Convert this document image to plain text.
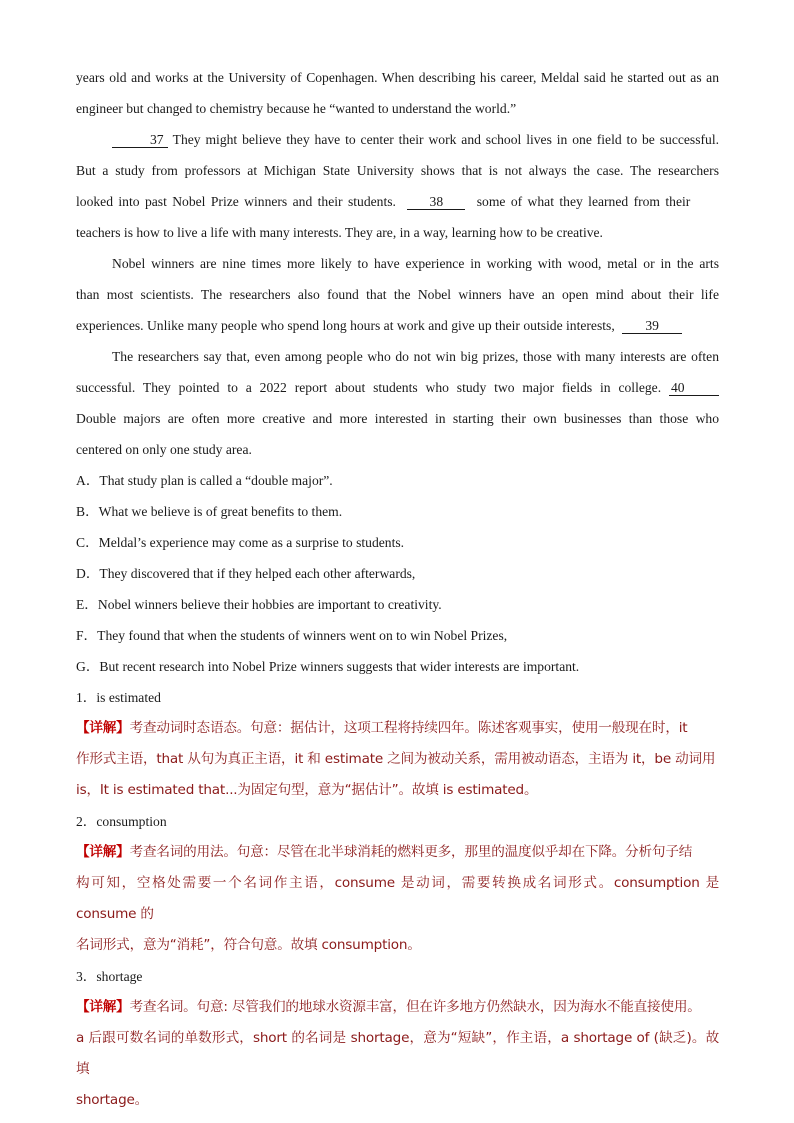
years old and works at the University of Copenhagen. When describing his career, Meldal said he started out as an

engineer but changed to chemistry because he “wanted to understand the world.”

37 They might believe they have to center their work and school lives in one field to be successful.

But a study from professors at Michigan State University shows that is not always the case. The researchers

looked into past Nobel Prize winners and their students. 38 some of what they learned from their

teachers is how to live a life with many interests. They are, in a way, learning how to be creative.

Nobel winners are nine times more likely to have experience in working with wood, metal or in the arts

than most scientists. The researchers also found that the Nobel winners have an open mind about their life

experiences. Unlike many people who spend long hours at work and give up their outside interests, 39

The researchers say that, even among people who do not win big prizes, those with many interests are often

successful. They pointed to a 2022 report about students who study two major fields in college. 40

Double majors are often more creative and more interested in starting their own businesses than those who

centered on only one study area.

A．That study plan is called a “double major”.

B．What we believe is of great benefits to them.

C．Meldal’s experience may come as a surprise to students.

D．They discovered that if they helped each other afterwards,

E．Nobel winners believe their hobbies are important to creativity.

F．They found that when the students of winners went on to win Nobel Prizes,

G．But recent research into Nobel Prize winners suggests that wider interests are important.

1．is estimated

【详解】考查动词时态语态。句意：据估计，这项工程将持续四年。陈述客观事实，使用一般现在时，it
作形式主语，that 从句为真正主语，it 和 estimate 之间为被动关系，需用被动语态，主语为 it，be 动词用
is，It is estimated that...为固定句型，意为“据估计”。故填 is estimated。

2．consumption

【详解】考查名词的用法。句意：尽管在北半球消耗的燃料更多，那里的温度似乎却在下降。分析句子结
构可知，空格处需要一个名词作主语，consume 是动词，需要转换成名词形式。consumption 是 consume 的
名词形式，意为“消耗”，符合句意。故填 consumption。

3．shortage

【详解】考查名词。句意: 尽管我们的地球水资源丰富，但在许多地方仍然缺水，因为海水不能直接使用。
a 后跟可数名词的单数形式，short 的名词是 shortage，意为“短缺”，作主语，a shortage of (缺乏)。故填
shortage。
